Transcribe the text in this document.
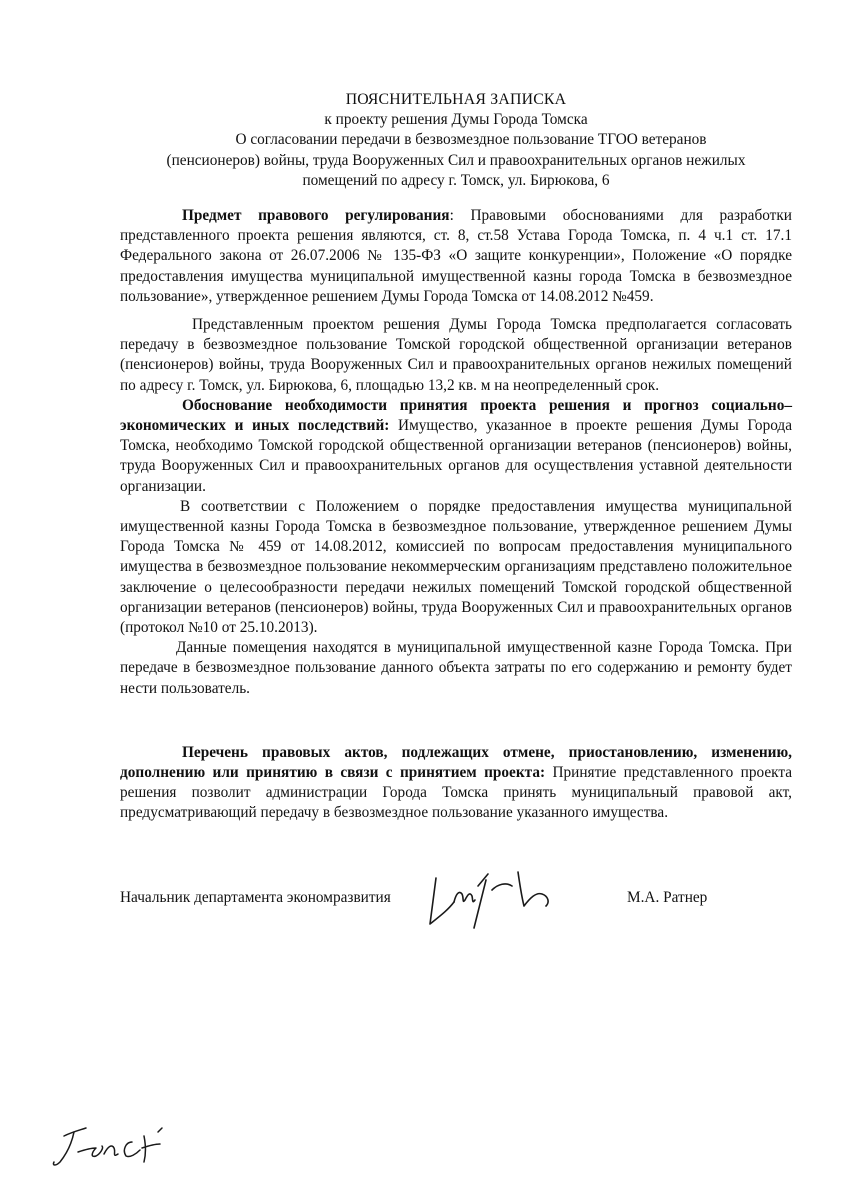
ПОЯСНИТЕЛЬНАЯ ЗАПИСКА
к проекту решения Думы Города Томска
О согласовании передачи в безвозмездное пользование ТГОО ветеранов
(пенсионеров) войны, труда Вооруженных Сил и правоохранительных органов нежилых
помещений по адресу г. Томск, ул. Бирюкова, 6

Предмет правового регулирования: Правовыми обоснованиями для разработки представленного проекта решения являются, ст. 8, ст.58 Устава Города Томска, п. 4 ч.1 ст. 17.1 Федерального закона от 26.07.2006 № 135-ФЗ «О защите конкуренции», Положение «О порядке предоставления имущества муниципальной имущественной казны города Томска в безвозмездное пользование», утвержденное решением Думы Города Томска от 14.08.2012 №459.

Представленным проектом решения Думы Города Томска предполагается согласовать передачу в безвозмездное пользование Томской городской общественной организации ветеранов (пенсионеров) войны, труда Вооруженных Сил и правоохранительных органов нежилых помещений по адресу г. Томск, ул. Бирюкова, 6, площадью 13,2 кв. м на неопределенный срок.

Обоснование необходимости принятия проекта решения и прогноз социально–экономических и иных последствий: Имущество, указанное в проекте решения Думы Города Томска, необходимо Томской городской общественной организации ветеранов (пенсионеров) войны, труда Вооруженных Сил и правоохранительных органов для осуществления уставной деятельности организации.

В соответствии с Положением о порядке предоставления имущества муниципальной имущественной казны Города Томска в безвозмездное пользование, утвержденное решением Думы Города Томска № 459 от 14.08.2012, комиссией по вопросам предоставления муниципального имущества в безвозмездное пользование некоммерческим организациям представлено положительное заключение о целесообразности передачи нежилых помещений Томской городской общественной организации ветеранов (пенсионеров) войны, труда Вооруженных Сил и правоохранительных органов (протокол №10 от 25.10.2013).

Данные помещения находятся в муниципальной имущественной казне Города Томска. При передаче в безвозмездное пользование данного объекта затраты по его содержанию и ремонту будет нести пользователь.

Перечень правовых актов, подлежащих отмене, приостановлению, изменению, дополнению или принятию в связи с принятием проекта: Принятие представленного проекта решения позволит администрации Города Томска принять муниципальный правовой акт, предусматривающий передачу в безвозмездное пользование указанного имущества.

Начальник департамента экономразвития	М.А. Ратнер
